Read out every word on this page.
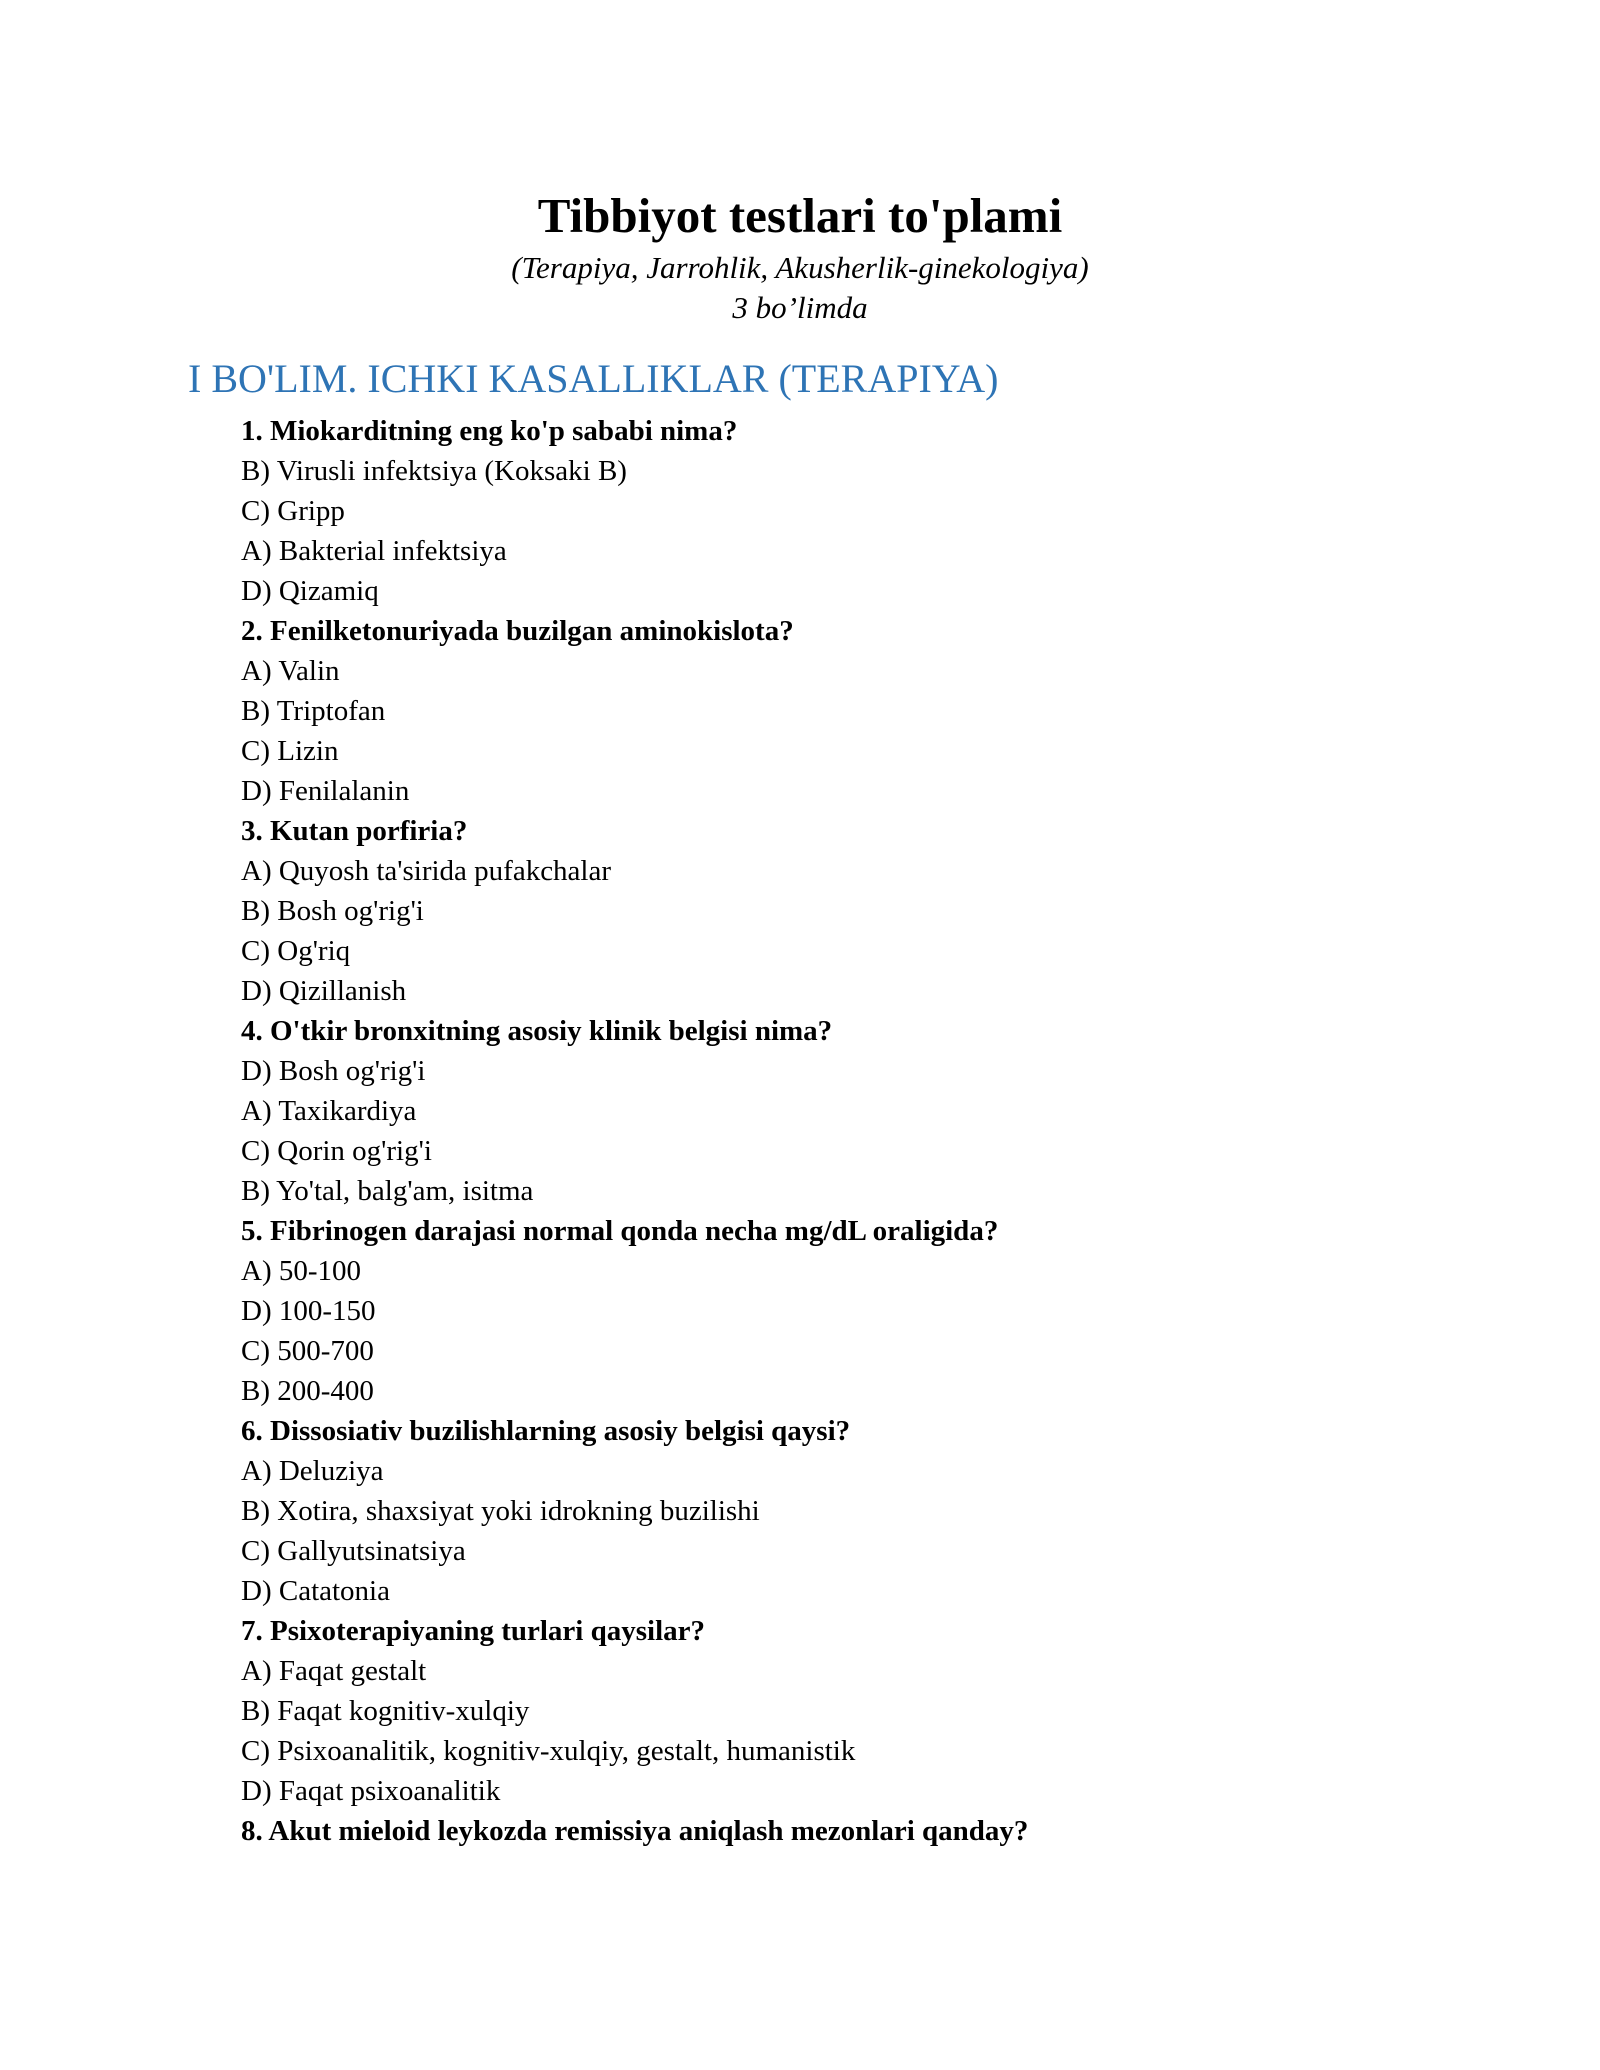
Tibbiyot testlari to'plami
(Terapiya, Jarrohlik, Akusherlik-ginekologiya)
3 bo’limda
I BO'LIM. ICHKI KASALLIKLAR (TERAPIYA)
1. Miokarditning eng ko'p sababi nima?
B) Virusli infektsiya (Koksaki B)
C) Gripp
A) Bakterial infektsiya
D) Qizamiq
2. Fenilketonuriyada buzilgan aminokislota?
A) Valin
B) Triptofan
C) Lizin
D) Fenilalanin
3. Kutan porfiria?
A) Quyosh ta'sirida pufakchalar
B) Bosh og'rig'i
C) Og'riq
D) Qizillanish
4. O'tkir bronxitning asosiy klinik belgisi nima?
D) Bosh og'rig'i
A) Taxikardiya
C) Qorin og'rig'i
B) Yo'tal, balg'am, isitma
5. Fibrinogen darajasi normal qonda necha mg/dL oraligida?
A) 50-100
D) 100-150
C) 500-700
B) 200-400
6. Dissosiativ buzilishlarning asosiy belgisi qaysi?
A) Deluziya
B) Xotira, shaxsiyat yoki idrokning buzilishi
C) Gallyutsinatsiya
D) Catatonia
7. Psixoterapiyaning turlari qaysilar?
A) Faqat gestalt
B) Faqat kognitiv-xulqiy
C) Psixoanalitik, kognitiv-xulqiy, gestalt, humanistik
D) Faqat psixoanalitik
8. Akut mieloid leykozda remissiya aniqlash mezonlari qanday?
